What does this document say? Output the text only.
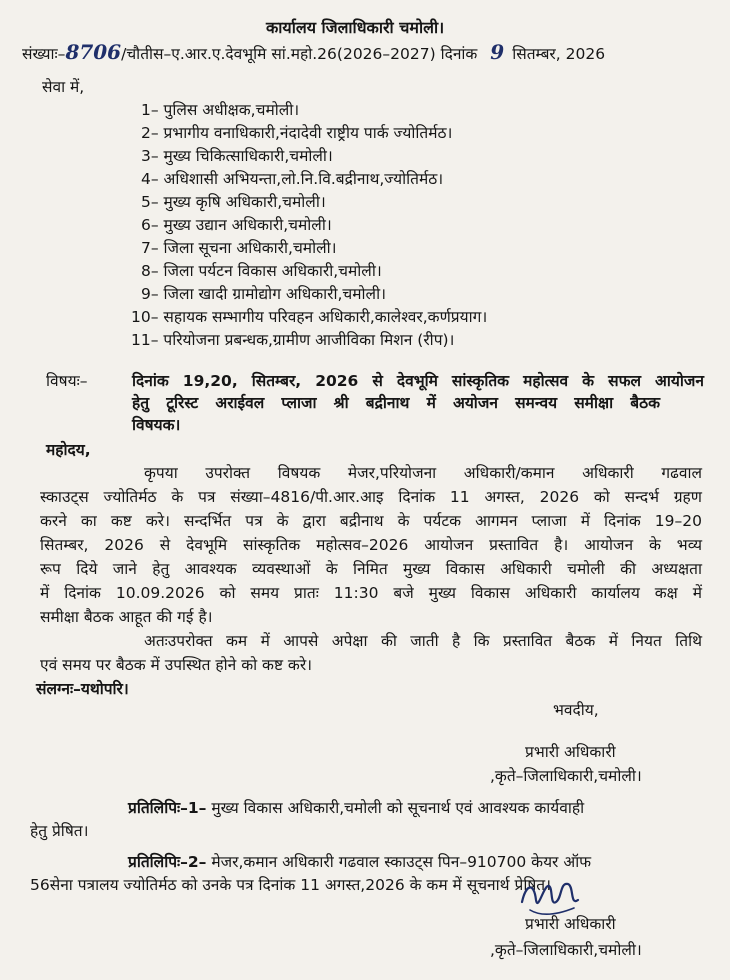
कार्यालय जिलाधिकारी चमोली।
संख्याः–8706/चौतीस–ए.आर.ए.देवभूमि सां.महो.26(2026–2027) दिनांक 9 सितम्बर, 2026
सेवा में,
1– पुलिस अधीक्षक,चमोली।
2– प्रभागीय वनाधिकारी,नंदादेवी राष्ट्रीय पार्क ज्योतिर्मठ।
3– मुख्य चिकित्साधिकारी,चमोली।
4– अधिशासी अभियन्ता,लो.नि.वि.बद्रीनाथ,ज्योतिर्मठ।
5– मुख्य कृषि अधिकारी,चमोली।
6– मुख्य उद्यान अधिकारी,चमोली।
7– जिला सूचना अधिकारी,चमोली।
8– जिला पर्यटन विकास अधिकारी,चमोली।
9– जिला खादी ग्रामोद्योग अधिकारी,चमोली।
10– सहायक सम्भागीय परिवहन अधिकारी,कालेश्वर,कर्णप्रयाग।
11– परियोजना प्रबन्धक,ग्रामीण आजीविका मिशन (रीप)।
विषयः–	दिनांक 19,20, सितम्बर, 2026 से देवभूमि सांस्कृतिक महोत्सव के सफल आयोजन
हेतु टूरिस्ट अराईवल प्लाजा श्री बद्रीनाथ में अयोजन समन्वय समीक्षा बैठक
विषयक।
महोदय,
कृपया उपरोक्त विषयक मेजर,परियोजना अधिकारी/कमान अधिकारी गढवाल
स्काउट्स ज्योतिर्मठ के पत्र संख्या–4816/पी.आर.आइ दिनांक 11 अगस्त, 2026 को सन्दर्भ ग्रहण
करने का कष्ट करे। सन्दर्भित पत्र के द्वारा बद्रीनाथ के पर्यटक आगमन प्लाजा में दिनांक 19–20
सितम्बर, 2026 से देवभूमि सांस्कृतिक महोत्सव–2026 आयोजन प्रस्तावित है। आयोजन के भव्य
रूप दिये जाने हेतु आवश्यक व्यवस्थाओं के निमित मुख्य विकास अधिकारी चमोली की अध्यक्षता
में दिनांक 10.09.2026 को समय प्रातः 11:30 बजे मुख्य विकास अधिकारी कार्यालय कक्ष में
समीक्षा बैठक आहूत की गई है।
अतःउपरोक्त कम में आपसे अपेक्षा की जाती है कि प्रस्तावित बैठक में नियत तिथि
एवं समय पर बैठक में उपस्थित होने को कष्ट करे।
संलग्नः–यथोपरि।
भवदीय,
प्रभारी अधिकारी
,कृते–जिलाधिकारी,चमोली।
प्रतिलिपिः–1– मुख्य विकास अधिकारी,चमोली को सूचनार्थ एवं आवश्यक कार्यवाही
हेतु प्रेषित।
प्रतिलिपिः–2– मेजर,कमान अधिकारी गढवाल स्काउट्स पिन–910700 केयर ऑफ
56सेना पत्रालय ज्योतिर्मठ को उनके पत्र दिनांक 11 अगस्त,2026 के कम में सूचनार्थ प्रेषित।
प्रभारी अधिकारी
,कृते–जिलाधिकारी,चमोली।
